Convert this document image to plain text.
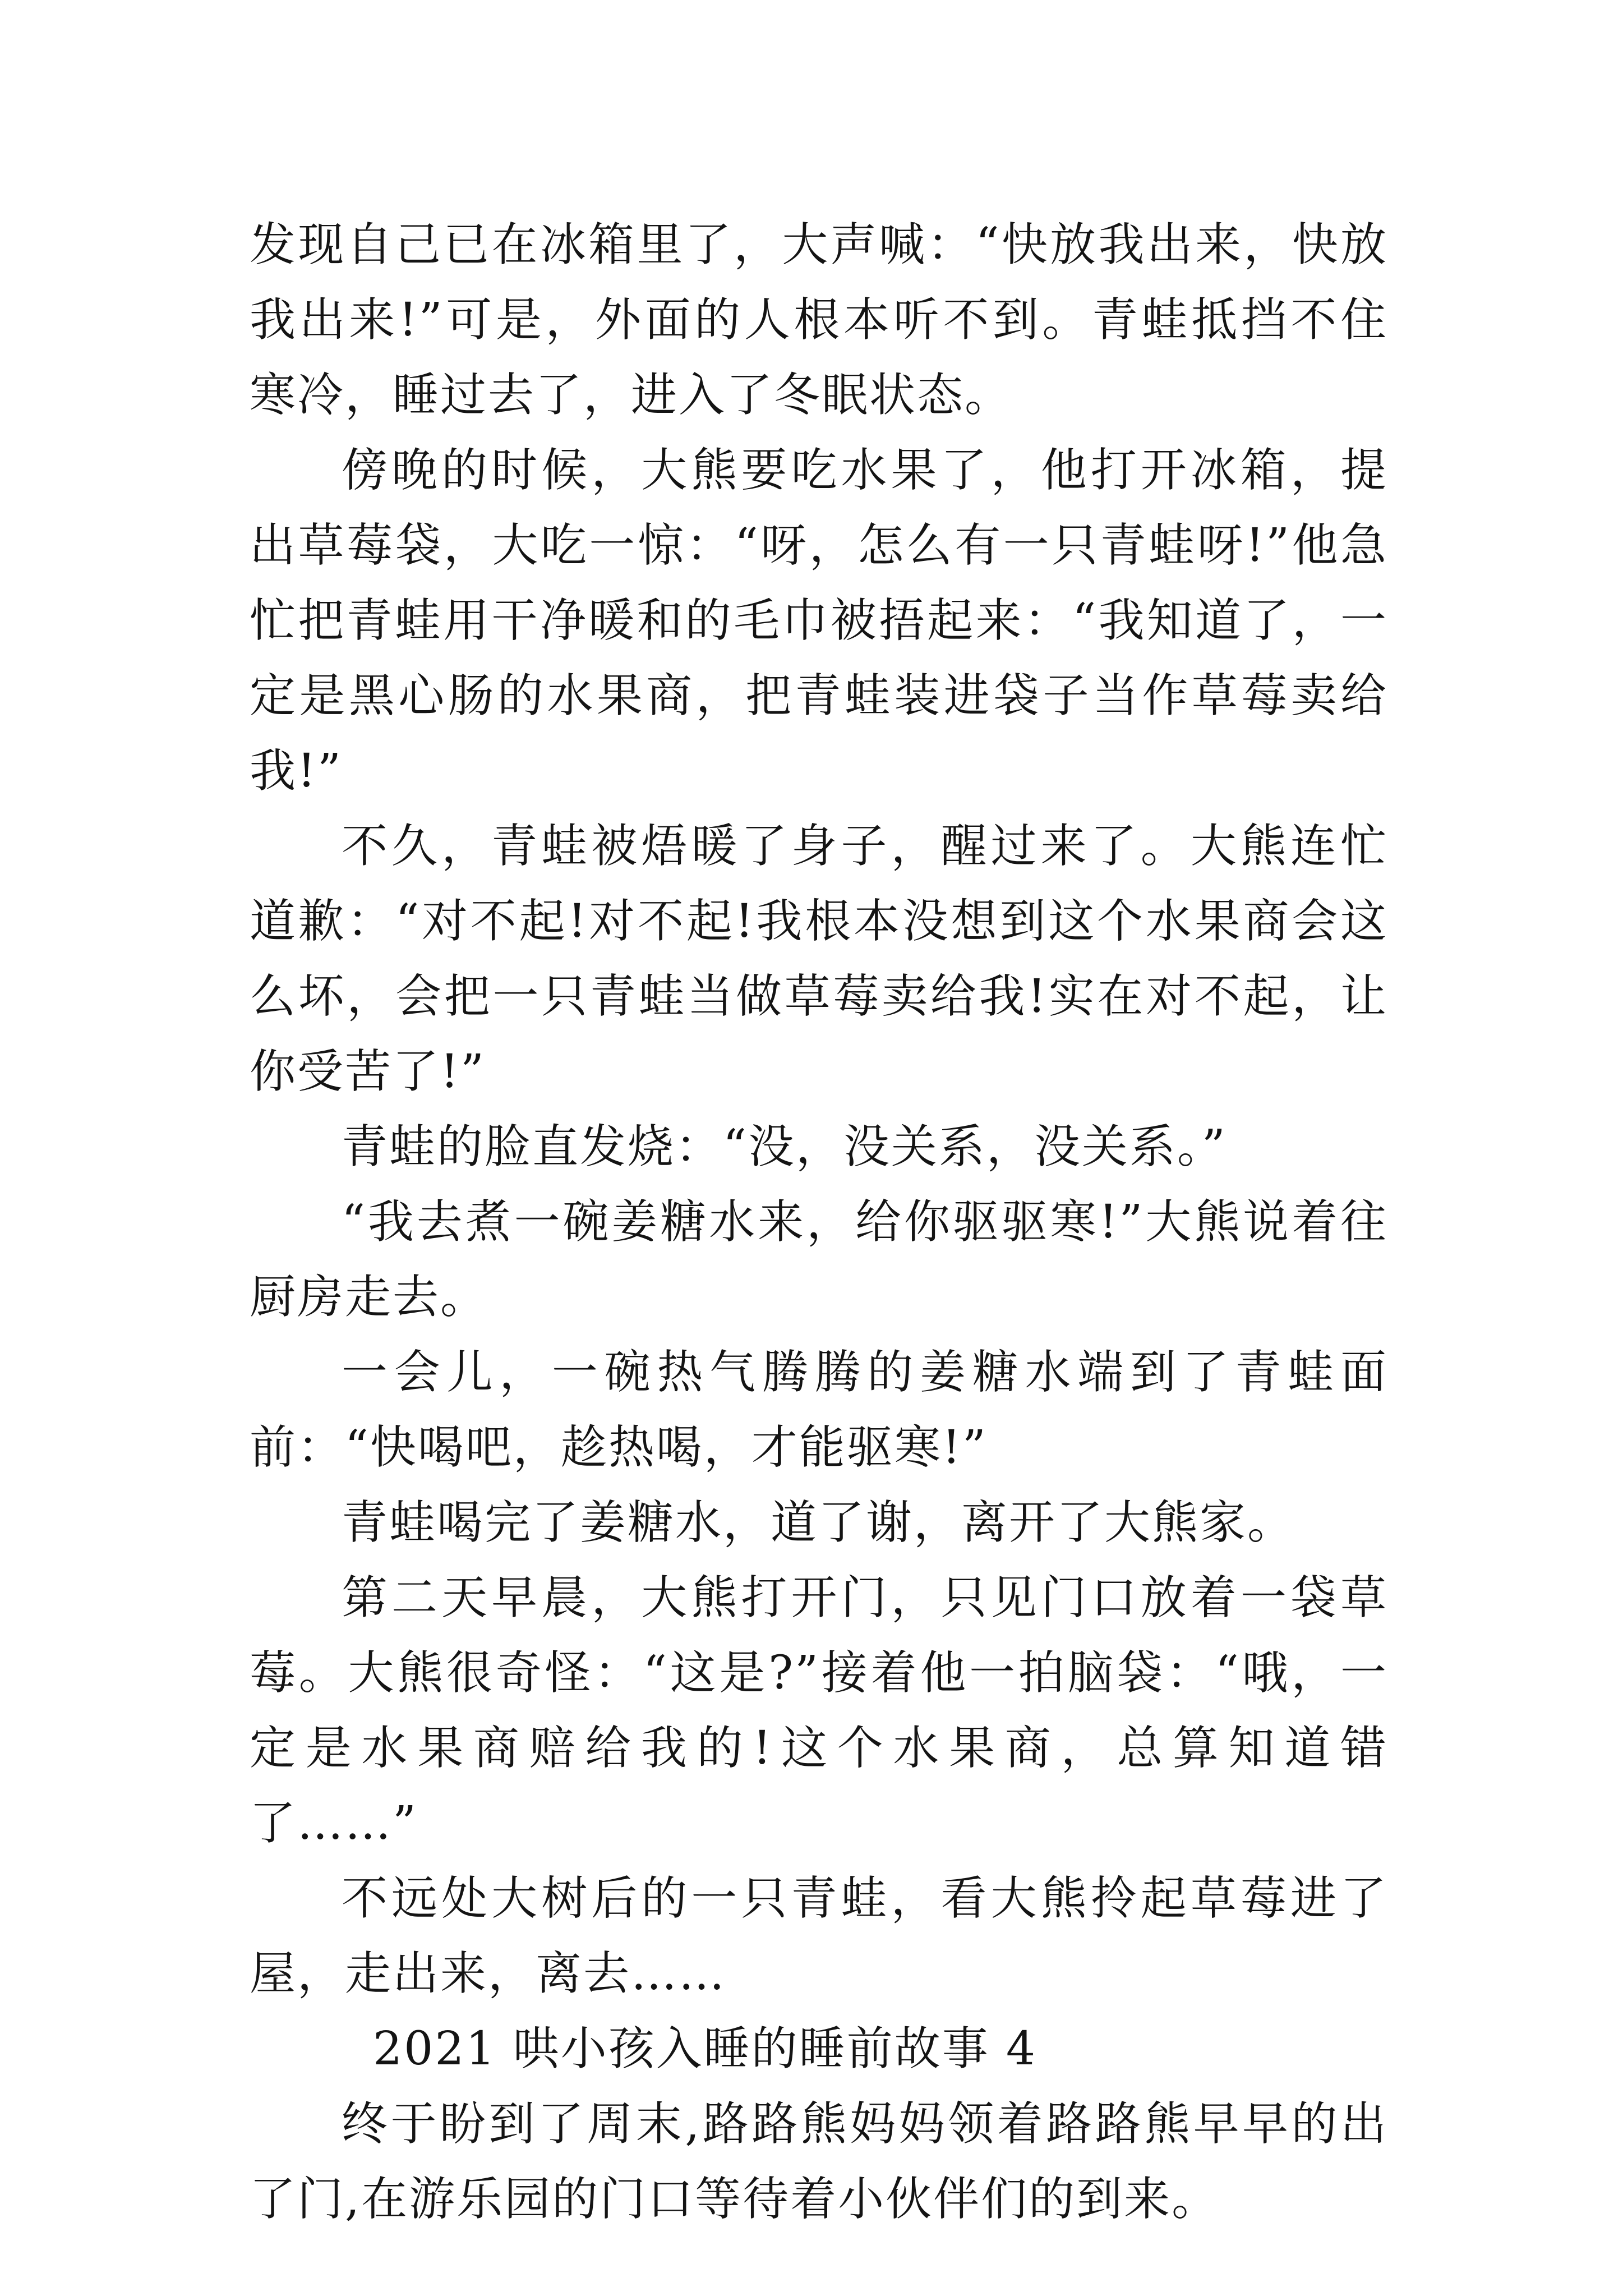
发现自己已在冰箱里了，大声喊：“快放我出来，快放我出来!”可是，外面的人根本听不到。青蛙抵挡不住寒冷，睡过去了，进入了冬眠状态。

傍晚的时候，大熊要吃水果了，他打开冰箱，提出草莓袋，大吃一惊：“呀，怎么有一只青蛙呀!”他急忙把青蛙用干净暖和的毛巾被捂起来：“我知道了，一定是黑心肠的水果商，把青蛙装进袋子当作草莓卖给我!”

不久，青蛙被焐暖了身子，醒过来了。大熊连忙道歉：“对不起!对不起!我根本没想到这个水果商会这么坏，会把一只青蛙当做草莓卖给我!实在对不起，让你受苦了!”

青蛙的脸直发烧：“没，没关系，没关系。”

“我去煮一碗姜糖水来，给你驱驱寒!”大熊说着往厨房走去。

一会儿，一碗热气腾腾的姜糖水端到了青蛙面前：“快喝吧，趁热喝，才能驱寒!”

青蛙喝完了姜糖水，道了谢，离开了大熊家。

第二天早晨，大熊打开门，只见门口放着一袋草莓。大熊很奇怪：“这是?”接着他一拍脑袋：“哦，一定是水果商赔给我的!这个水果商，总算知道错了……”

不远处大树后的一只青蛙，看大熊拎起草莓进了屋，走出来，离去……

2021 哄小孩入睡的睡前故事 4

终于盼到了周末,路路熊妈妈领着路路熊早早的出了门,在游乐园的门口等待着小伙伴们的到来。
